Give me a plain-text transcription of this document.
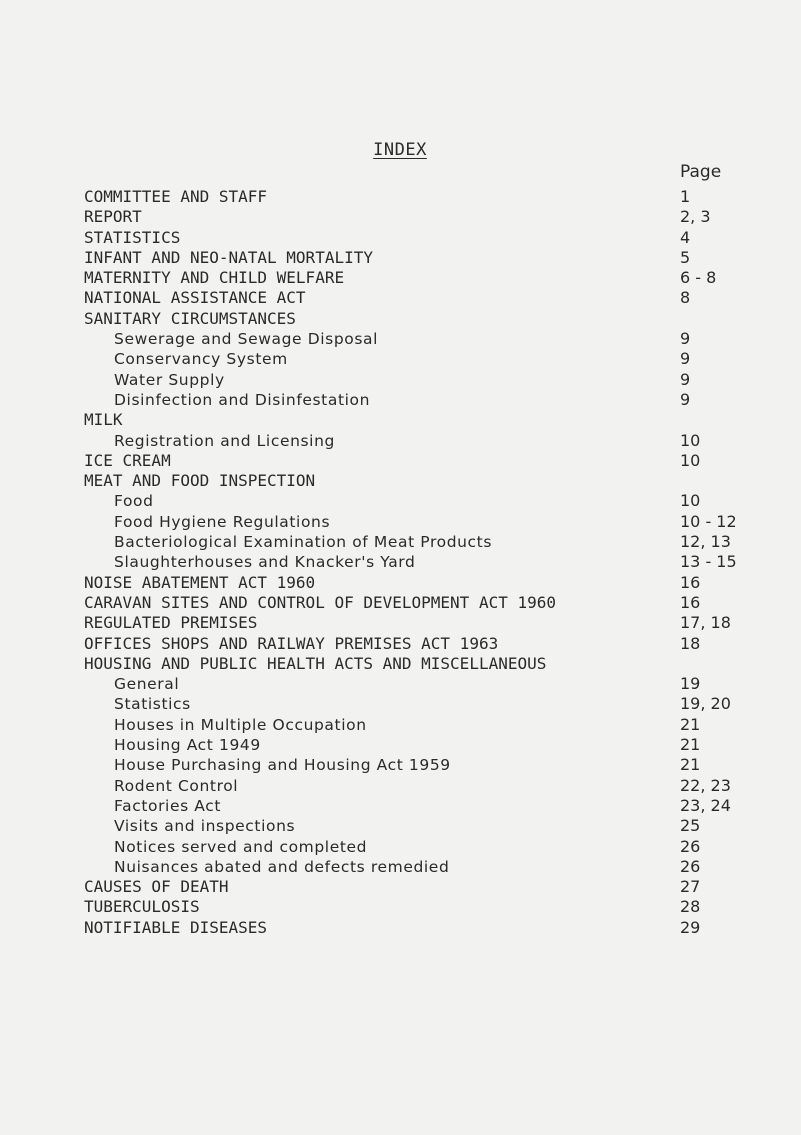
INDEX
Page
COMMITTEE AND STAFF	1
REPORT	2, 3
STATISTICS	4
INFANT AND NEO-NATAL MORTALITY	5
MATERNITY AND CHILD WELFARE	6 - 8
NATIONAL ASSISTANCE ACT	8
SANITARY CIRCUMSTANCES
Sewerage and Sewage Disposal	9
Conservancy System	9
Water Supply	9
Disinfection and Disinfestation	9
MILK
Registration and Licensing	10
ICE CREAM	10
MEAT AND FOOD INSPECTION
Food	10
Food Hygiene Regulations	10 - 12
Bacteriological Examination of Meat Products	12, 13
Slaughterhouses and Knacker's Yard	13 - 15
NOISE ABATEMENT ACT 1960	16
CARAVAN SITES AND CONTROL OF DEVELOPMENT ACT 1960	16
REGULATED PREMISES	17, 18
OFFICES SHOPS AND RAILWAY PREMISES ACT 1963	18
HOUSING AND PUBLIC HEALTH ACTS AND MISCELLANEOUS
General	19
Statistics	19, 20
Houses in Multiple Occupation	21
Housing Act 1949	21
House Purchasing and Housing Act 1959	21
Rodent Control	22, 23
Factories Act	23, 24
Visits and inspections	25
Notices served and completed	26
Nuisances abated and defects remedied	26
CAUSES OF DEATH	27
TUBERCULOSIS	28
NOTIFIABLE DISEASES	29
